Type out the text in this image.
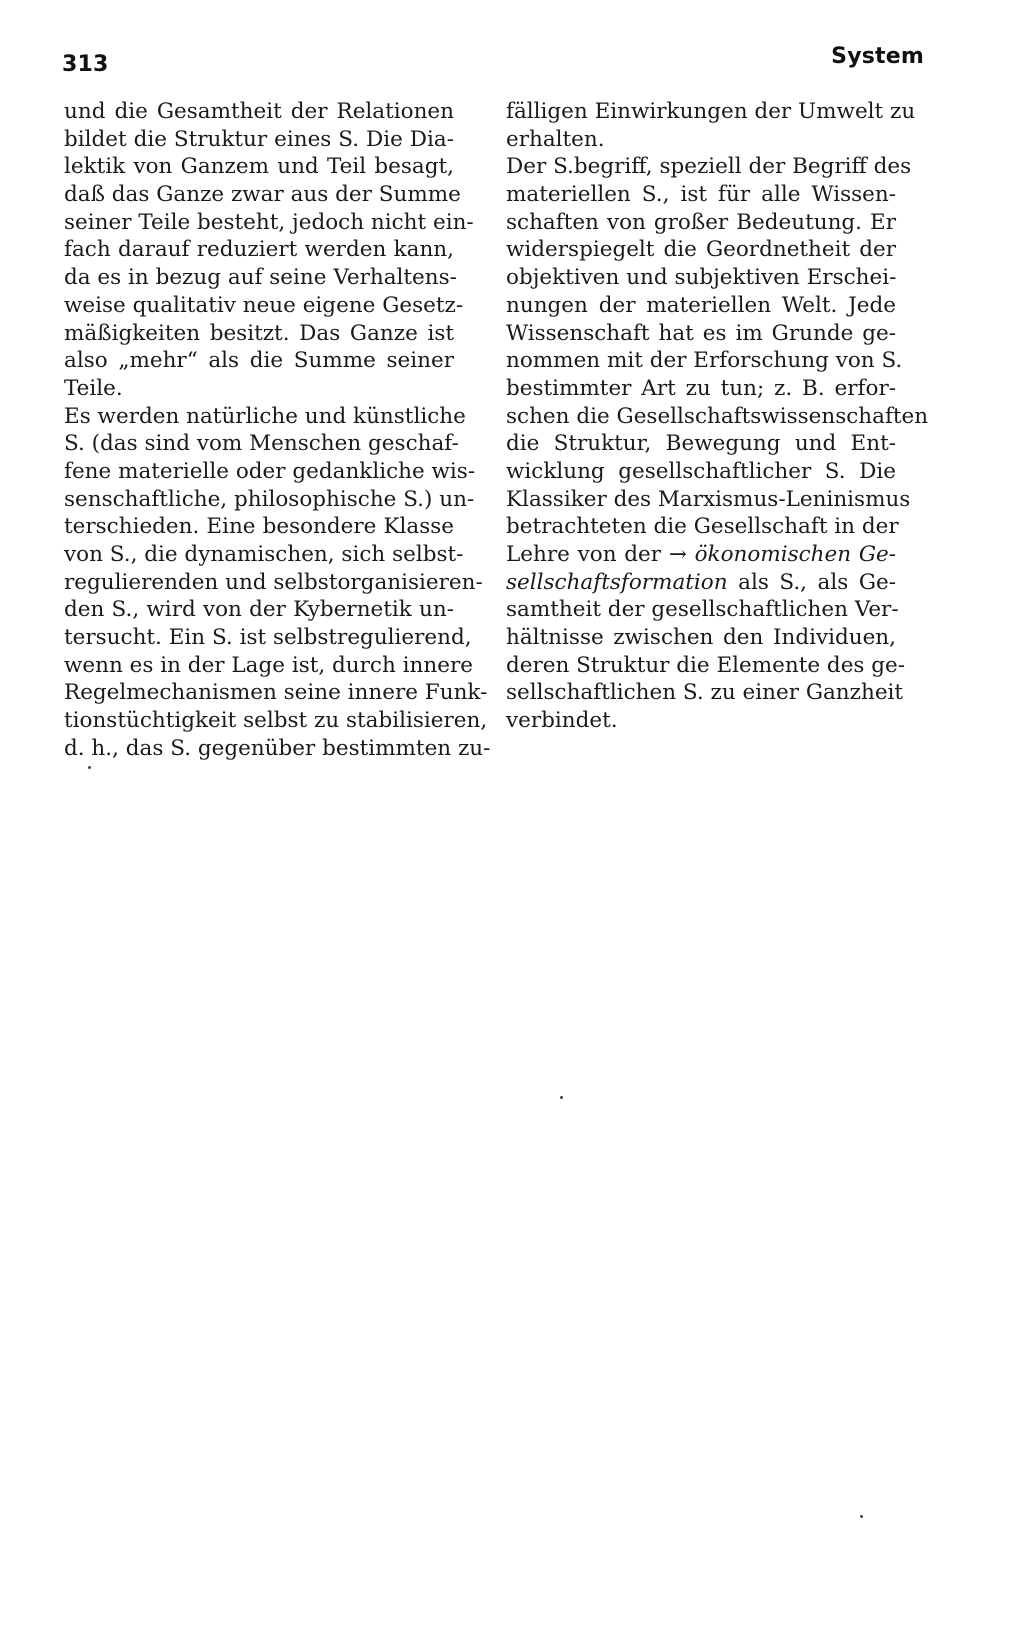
313	System
und die Gesamtheit der Relationen
bildet die Struktur eines S. Die Dia-
lektik von Ganzem und Teil besagt,
daß das Ganze zwar aus der Summe
seiner Teile besteht, jedoch nicht ein-
fach darauf reduziert werden kann,
da es in bezug auf seine Verhaltens-
weise qualitativ neue eigene Gesetz-
mäßigkeiten besitzt. Das Ganze ist
also „mehr“ als die Summe seiner
Teile.
Es werden natürliche und künstliche
S. (das sind vom Menschen geschaf-
fene materielle oder gedankliche wis-
senschaftliche, philosophische S.) un-
terschieden. Eine besondere Klasse
von S., die dynamischen, sich selbst-
regulierenden und selbstorganisieren-
den S., wird von der Kybernetik un-
tersucht. Ein S. ist selbstregulierend,
wenn es in der Lage ist, durch innere
Regelmechanismen seine innere Funk-
tionstüchtigkeit selbst zu stabilisieren,
d. h., das S. gegenüber bestimmten zu-
fälligen Einwirkungen der Umwelt zu
erhalten.
Der S.begriff, speziell der Begriff des
materiellen S., ist für alle Wissen-
schaften von großer Bedeutung. Er
widerspiegelt die Geordnetheit der
objektiven und subjektiven Erschei-
nungen der materiellen Welt. Jede
Wissenschaft hat es im Grunde ge-
nommen mit der Erforschung von S.
bestimmter Art zu tun; z. B. erfor-
schen die Gesellschaftswissenschaften
die Struktur, Bewegung und Ent-
wicklung gesellschaftlicher S. Die
Klassiker des Marxismus-Leninismus
betrachteten die Gesellschaft in der
Lehre von der → ökonomischen Ge-
sellschaftsformation als S., als Ge-
samtheit der gesellschaftlichen Ver-
hältnisse zwischen den Individuen,
deren Struktur die Elemente des ge-
sellschaftlichen S. zu einer Ganzheit
verbindet.
